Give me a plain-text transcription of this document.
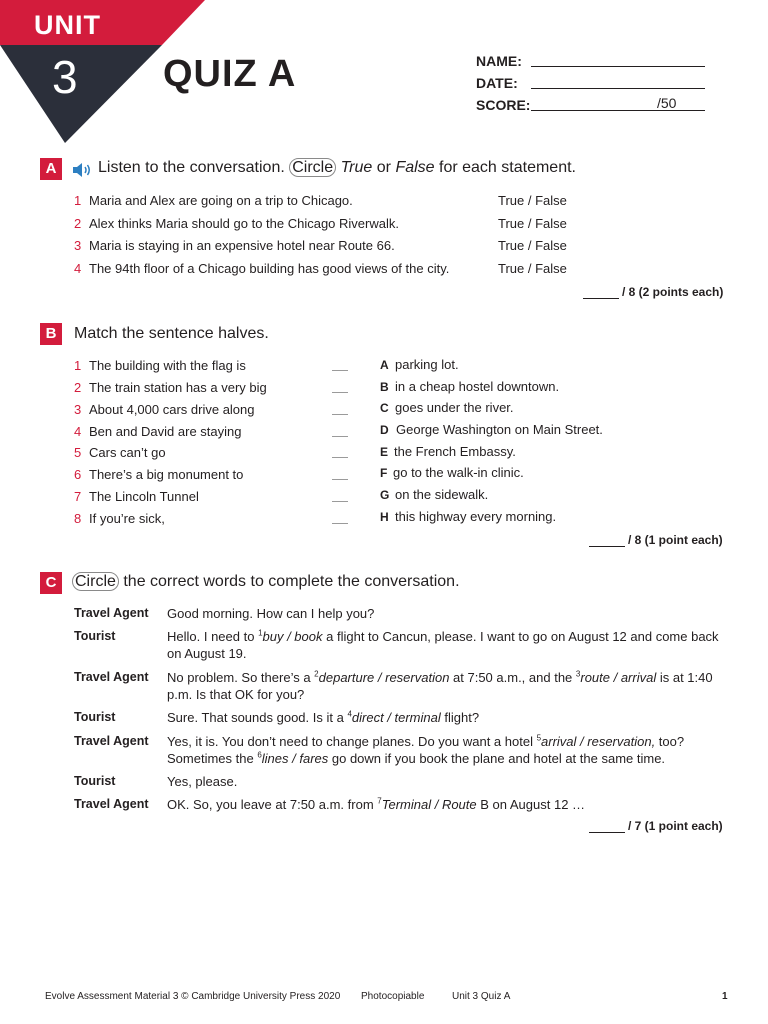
UNIT
3 QUIZ A	NAME:
DATE:
SCORE:	/50
A	Listen to the conversation. Circle True or False for each statement.
1 Maria and Alex are going on a trip to Chicago.	True / False
2 Alex thinks Maria should go to the Chicago Riverwalk.	True / False
3 Maria is staying in an expensive hotel near Route 66.	True / False
4 The 94th floor of a Chicago building has good views of the city.	True / False
/ 8 (2 points each)
B	Match the sentence halves.
1 The building with the flag is	A parking lot.
2 The train station has a very big	B in a cheap hostel downtown.
3 About 4,000 cars drive along	C goes under the river.
4 Ben and David are staying	D George Washington on Main Street.
5 Cars can’t go	E the French Embassy.
6 There’s a big monument to	F go to the walk-in clinic.
7 The Lincoln Tunnel	G on the sidewalk.
8 If you’re sick,	H this highway every morning.
/ 8 (1 point each)
C	Circle the correct words to complete the conversation.
Travel Agent Good morning. How can I help you?
Tourist	Hello. I need to $^1$buy / book a flight to Cancun, please. I want to go on August 12 and come back on August 19.
Travel Agent No problem. So there’s a $^2$departure / reservation at 7:50 a.m., and the $^3$route / arrival is at 1:40 p.m. Is that OK for you?
Tourist	Sure. That sounds good. Is it a $^4$direct / terminal flight?
Travel Agent Yes, it is. You don’t need to change planes. Do you want a hotel $^5$arrival / reservation, too? Sometimes the $^6$lines / fares go down if you book the plane and hotel at the same time.
Tourist	Yes, please.
Travel Agent OK. So, you leave at 7:50 a.m. from $^7$Terminal / Route B on August 12 …
/ 7 (1 point each)
Evolve Assessment Material 3 © Cambridge University Press 2020 Photocopiable	Unit 3 Quiz A	1
